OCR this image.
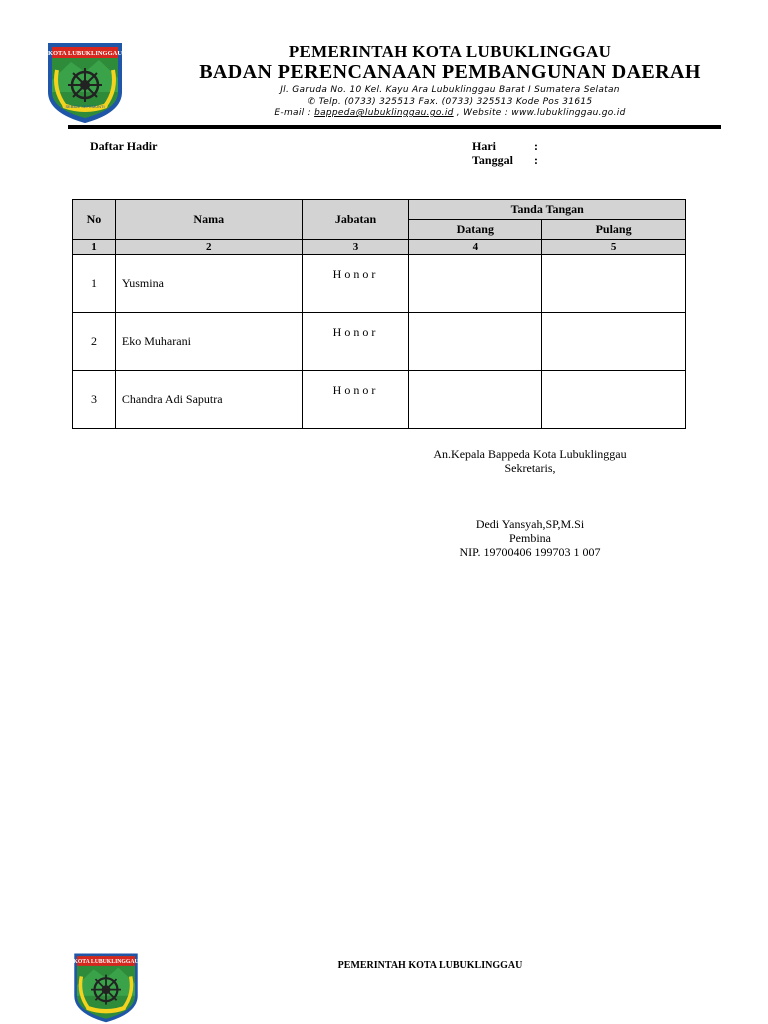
KOTA LUBUKLINGGAU
SEBIDE SEPEMUNTI
PEMERINTAH KOTA LUBUKLINGGAU
BADAN PERENCANAAN PEMBANGUNAN DAERAH
Jl. Garuda No. 10 Kel. Kayu Ara Lubuklinggau Barat I Sumatera Selatan
✆ Telp. (0733) 325513 Fax. (0733) 325513 Kode Pos 31615
E-mail : bappeda@lubuklinggau.go.id , Website : www.lubuklinggau.go.id
Daftar Hadir	Hari	:
Tanggal :
No	Nama	Jabatan	Tanda Tangan	
			Datang	Pulang
1	2	3	4	5
1	Yusmina	Honor		
2	Eko Muharani	Honor		
3	Chandra Adi Saputra	Honor		
An.Kepala Bappeda Kota Lubuklinggau
Sekretaris,
Dedi Yansyah,SP,M.Si
Pembina
NIP. 19700406 199703 1 007
KOTA LUBUKLINGGAU	PEMERINTAH KOTA LUBUKLINGGAU
